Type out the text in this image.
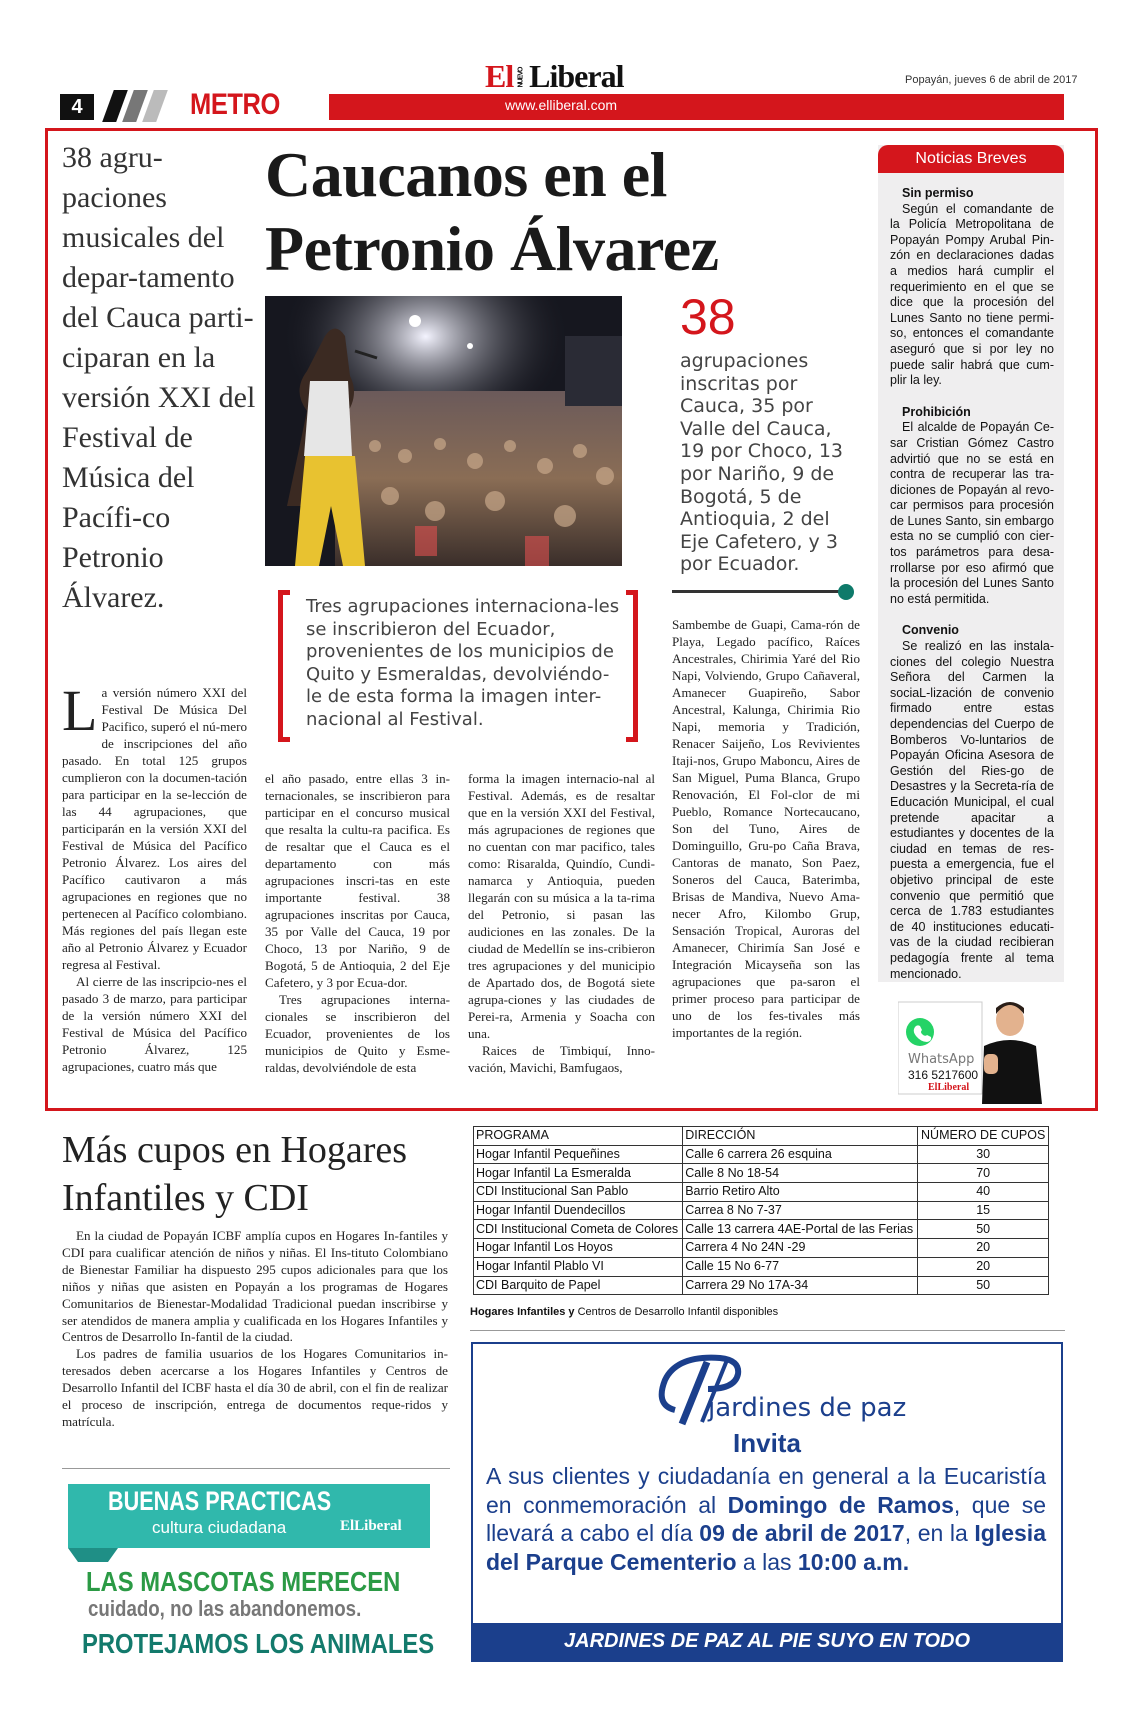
4	METRO
El NUEVO Liberal
www.elliberal.com
Popayán, jueves 6 de abril de 2017
38 agru-paciones musicales del depar-tamento del Cauca parti-ciparan en la versión XXI del Festival de Música del Pacífi-co Petronio Álvarez.
Caucanos en el Petronio Álvarez
38
agrupaciones inscritas por Cauca, 35 por Valle del Cauca, 19 por Choco, 13 por Nariño, 9 de Bogotá, 5 de Antioquia, 2 del Eje Cafetero, y 3 por Ecuador.
Tres agrupaciones internaciona-les se inscribieron del Ecuador, provenientes de los municipios de Quito y Esmeraldas, devolviéndo-le de esta forma la imagen inter-nacional al Festival.

La versión número XXI del Festival De Música Del Pacifico, superó el nú-mero de inscripciones del año pasado. En total 125 grupos cumplieron con la documen-tación para participar en la se-lección de las 44 agrupaciones, que participarán en la versión XXI del Festival de Música del Pacífico Petronio Álvarez. Los aires del Pacífico cautivaron a más agrupaciones en regiones que no pertenecen al Pacífico colombiano. Más regiones del país llegan este año al Petronio Álvarez y Ecuador regresa al Festival.

Al cierre de las inscripcio-nes el pasado 3 de marzo, para participar de la versión número XXI del Festival de Música del Pacífico Petronio Álvarez, 125 agrupaciones, cuatro más que

el año pasado, entre ellas 3 in-ternacionales, se inscribieron para participar en el concurso musical que resalta la cultu-ra pacifica. Es de resaltar que el Cauca es el departamento con más agrupaciones inscri-tas en este importante festival. 38 agrupaciones inscritas por Cauca, 35 por Valle del Cauca, 19 por Choco, 13 por Nariño, 9 de Bogotá, 5 de Antioquia, 2 del Eje Cafetero, y 3 por Ecua-dor.

Tres agrupaciones interna-cionales se inscribieron del Ecuador, provenientes de los municipios de Quito y Esme-raldas, devolviéndole de esta

forma la imagen internacio-nal al Festival. Además, es de resaltar que en la versión XXI del Festival, más agrupaciones de regiones que no cuentan con mar pacifico, tales como: Risaralda, Quindío, Cundi-namarca y Antioquia, pueden llegarán con su música a la ta-rima del Petronio, si pasan las audiciones en las zonales. De la ciudad de Medellín se ins-cribieron tres agrupaciones y del municipio de Apartado dos, de Bogotá siete agrupa-ciones y las ciudades de Perei-ra, Armenia y Soacha con una.

Raices de Timbiquí, Inno-vación, Mavichi, Bamfugaos,

Sambembe de Guapi, Cama-rón de Playa, Legado pacífico, Raíces Ancestrales, Chirimia Yaré del Rio Napi, Volviendo, Grupo Cañaveral, Amanecer Guapireño, Sabor Ancestral, Kalunga, Chirimia Rio Napi, memoria y Tradición, Renacer Saijeño, Los Revivientes Itaji-nos, Grupo Maboncu, Aires de San Miguel, Puma Blanca, Grupo Renovación, El Fol-clor de mi Pueblo, Romance Nortecaucano, Son del Tuno, Aires de Dominguillo, Gru-po Caña Brava, Cantoras de manato, Son Paez, Soneros del Cauca, Baterimba, Brisas de Mandiva, Nuevo Ama-necer Afro, Kilombo Grup, Sensación Tropical, Auroras del Amanecer, Chirimía San José e Integración Micayseña son las agrupaciones que pa-saron el primer proceso para participar de uno de los fes-tivales más importantes de la región.

Noticias Breves
Sin permiso

Según el comandante de la Policía Metropolitana de Popayán Pompy Arubal Pin-zón en declaraciones dadas a medios hará cumplir el requerimiento en el que se dice que la procesión del Lunes Santo no tiene permi-so, entonces el comandante aseguró que si por ley no puede salir habrá que cum-plir la ley.

Prohibición

El alcalde de Popayán Ce-sar Cristian Gómez Castro advirtió que no se está en contra de recuperar las tra-diciones de Popayán al revo-car permisos para procesión de Lunes Santo, sin embargo esta no se cumplió con cier-tos parámetros para desa-rrollarse por eso afirmó que la procesión del Lunes Santo no está permitida.

Convenio

Se realizó en las instala-ciones del colegio Nuestra Señora del Carmen la sociaL-lización de convenio firmado entre estas dependencias del Cuerpo de Bomberos Vo-luntarios de Popayán Oficina Asesora de Gestión del Ries-go de Desastres y la Secreta-ría de Educación Municipal, el cual pretende apacitar a estudiantes y docentes de la ciudad en temas de res-puesta a emergencia, fue el objetivo principal de este convenio que permitió que cerca de 1.783 estudiantes de 40 instituciones educati-vas de la ciudad recibieran pedagogía frente al tema mencionado.

WhatsApp
316 5217600
ElLiberal
Más cupos en Hogares Infantiles y CDI

En la ciudad de Popayán ICBF amplía cupos en Hogares In-fantiles y CDI para cualificar atención de niños y niñas. El Ins-tituto Colombiano de Bienestar Familiar ha dispuesto 295 cupos adicionales para que los niños y niñas que asisten en Popayán a los programas de Hogares Comunitarios de Bienestar-Modalidad Tradicional puedan inscribirse y ser atendidos de manera amplia y cualificada en los Hogares Infantiles y Centros de Desarrollo In-fantil de la ciudad.

Los padres de familia usuarios de los Hogares Comunitarios in-teresados deben acercarse a los Hogares Infantiles y Centros de Desarrollo Infantil del ICBF hasta el día 30 de abril, con el fin de realizar el proceso de inscripción, entrega de documentos reque-ridos y matrícula.

PROGRAMA	DIRECCIÓN	NÚMERO DE CUPOS
Hogar Infantil Pequeñines	Calle 6 carrera 26 esquina	30
Hogar Infantil La Esmeralda	Calle 8 No 18-54	70
CDI Institucional San Pablo	Barrio Retiro Alto	40
Hogar Infantil Duendecillos	Carrea 8 No 7-37	15
CDI Institucional Cometa de Colores	Calle 13 carrera 4AE-Portal de las Ferias	50
Hogar Infantil Los Hoyos	Carrera 4 No 24N -29	20
Hogar Infantil Plablo VI	Calle 15 No 6-77	20
CDI Barquito de Papel	Carrera 29 No 17A-34	50
Hogares Infantiles y Centros de Desarrollo Infantil disponibles
BUENAS PRACTICAS
cultura ciudadana	ElLiberal
LAS MASCOTAS MERECEN
cuidado, no las abandonemos.
PROTEJAMOS LOS ANIMALES
jardines de paz
Invita
A sus clientes y ciudadanía en general a la Eucaristía en conmemoración al Domingo de Ramos, que se llevará a cabo el día 09 de abril de 2017, en la Iglesia del Parque Cementerio a las 10:00 a.m.
JARDINES DE PAZ AL PIE SUYO EN TODO
